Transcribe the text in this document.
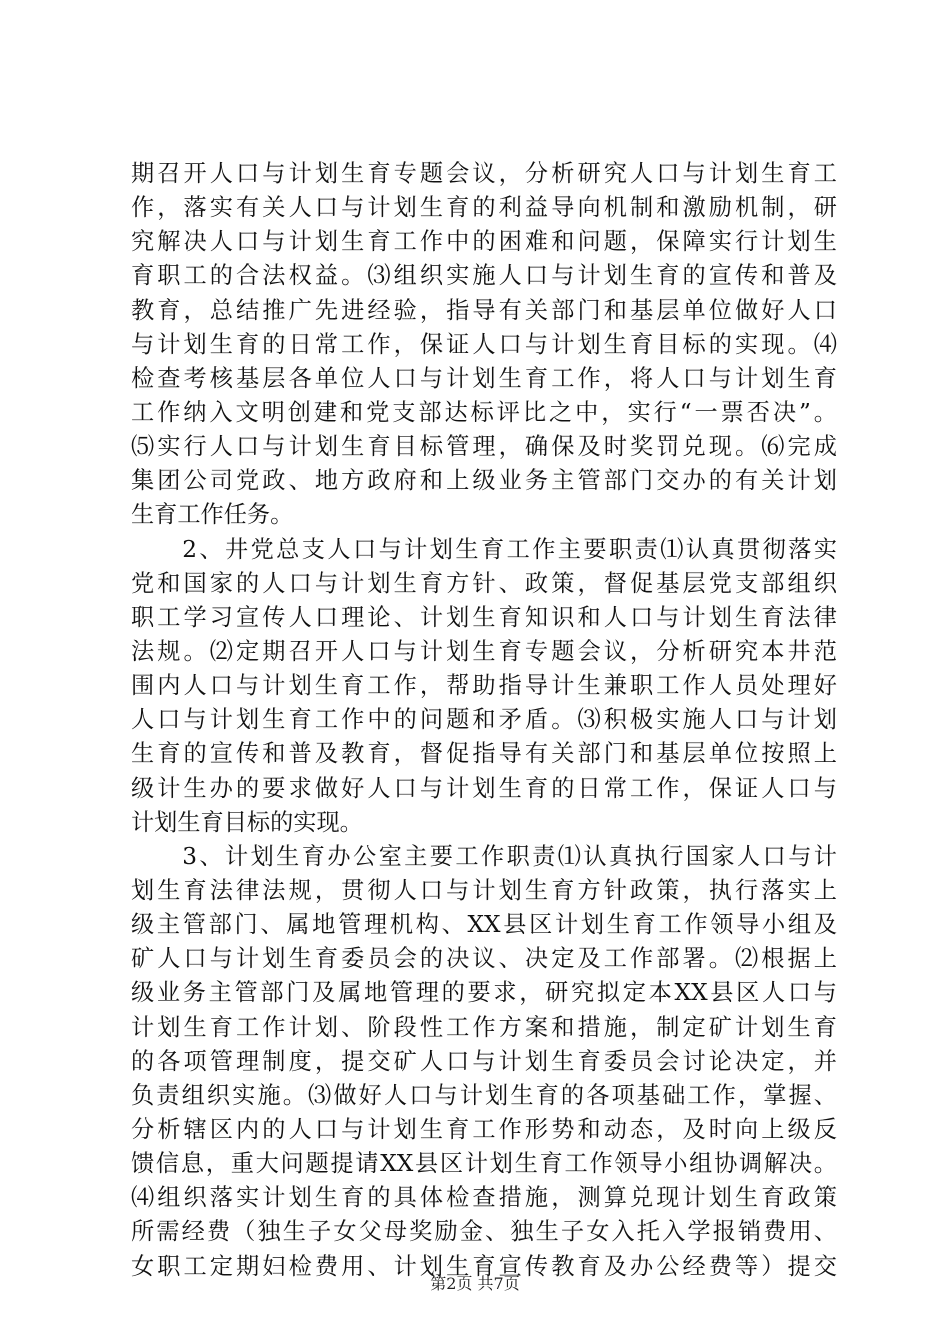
期召开人口与计划生育专题会议，分析研究人口与计划生育工
作，落实有关人口与计划生育的利益导向机制和激励机制，研
究解决人口与计划生育工作中的困难和问题，保障实行计划生
育职工的合法权益。⑶组织实施人口与计划生育的宣传和普及
教育，总结推广先进经验，指导有关部门和基层单位做好人口
与计划生育的日常工作，保证人口与计划生育目标的实现。⑷
检查考核基层各单位人口与计划生育工作，将人口与计划生育
工作纳入文明创建和党支部达标评比之中，实行“一票否决”。
⑸实行人口与计划生育目标管理，确保及时奖罚兑现。⑹完成
集团公司党政、地方政府和上级业务主管部门交办的有关计划
生育工作任务。
　　2、井党总支人口与计划生育工作主要职责⑴认真贯彻落实
党和国家的人口与计划生育方针、政策，督促基层党支部组织
职工学习宣传人口理论、计划生育知识和人口与计划生育法律
法规。⑵定期召开人口与计划生育专题会议，分析研究本井范
围内人口与计划生育工作，帮助指导计生兼职工作人员处理好
人口与计划生育工作中的问题和矛盾。⑶积极实施人口与计划
生育的宣传和普及教育，督促指导有关部门和基层单位按照上
级计生办的要求做好人口与计划生育的日常工作，保证人口与
计划生育目标的实现。
　　3、计划生育办公室主要工作职责⑴认真执行国家人口与计
划生育法律法规，贯彻人口与计划生育方针政策，执行落实上
级主管部门、属地管理机构、XX县区计划生育工作领导小组及
矿人口与计划生育委员会的决议、决定及工作部署。⑵根据上
级业务主管部门及属地管理的要求，研究拟定本XX县区人口与
计划生育工作计划、阶段性工作方案和措施，制定矿计划生育
的各项管理制度，提交矿人口与计划生育委员会讨论决定，并
负责组织实施。⑶做好人口与计划生育的各项基础工作，掌握、
分析辖区内的人口与计划生育工作形势和动态，及时向上级反
馈信息，重大问题提请XX县区计划生育工作领导小组协调解决。
⑷组织落实计划生育的具体检查措施，测算兑现计划生育政策
所需经费（独生子女父母奖励金、独生子女入托入学报销费用、
女职工定期妇检费用、计划生育宣传教育及办公经费等）提交
第2页 共7页
